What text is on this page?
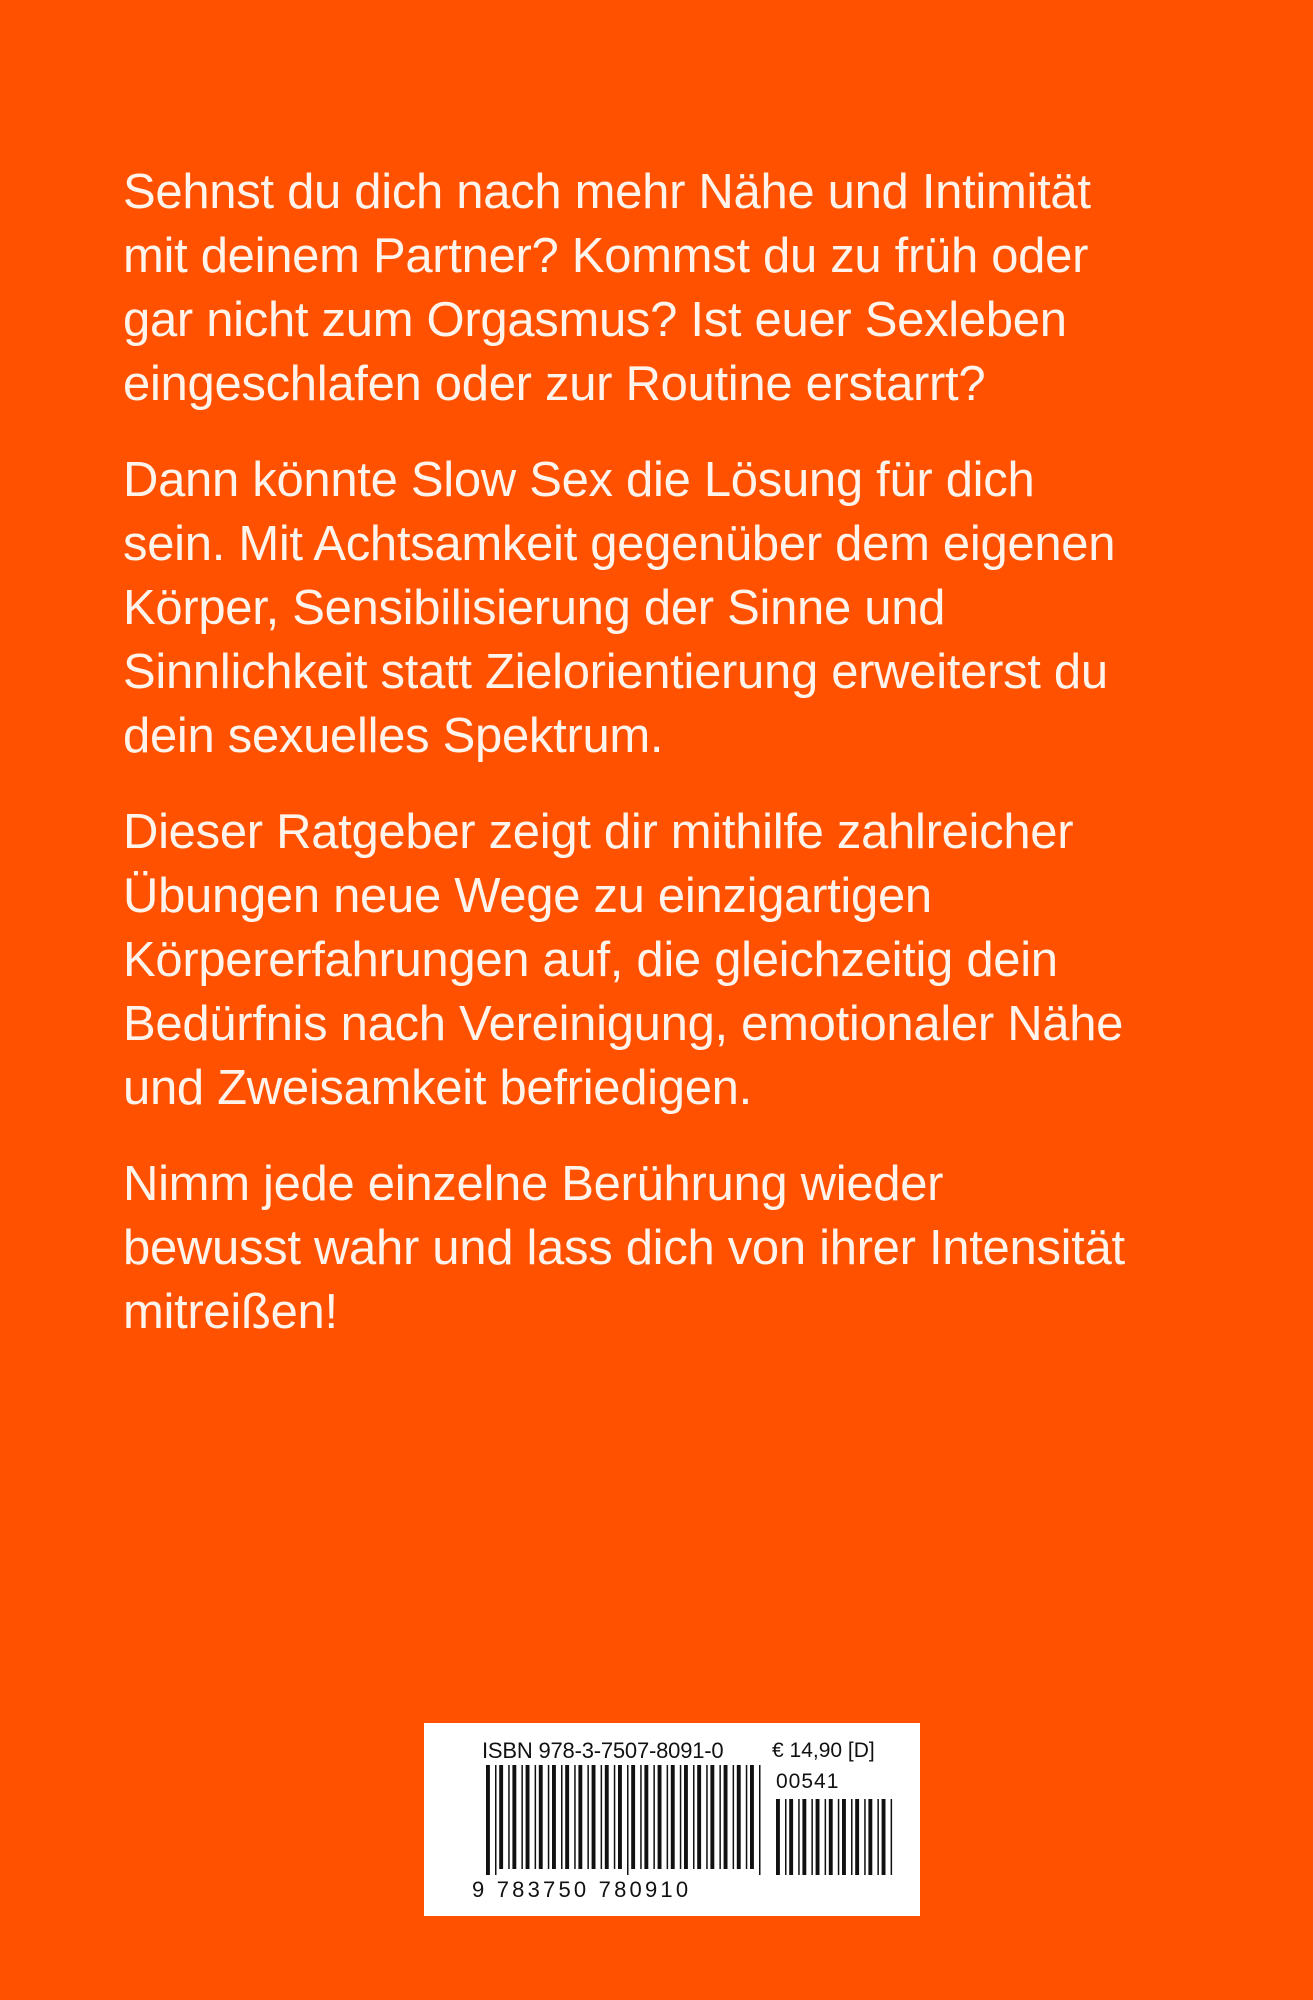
Sehnst du dich nach mehr Nähe und Intimität
mit deinem Partner? Kommst du zu früh oder
gar nicht zum Orgasmus? Ist euer Sexleben
eingeschlafen oder zur Routine erstarrt?

Dann könnte Slow Sex die Lösung für dich
sein. Mit Achtsamkeit gegenüber dem eigenen
Körper, Sensibilisierung der Sinne und
Sinnlichkeit statt Zielorientierung erweiterst du
dein sexuelles Spektrum.

Dieser Ratgeber zeigt dir mithilfe zahlreicher
Übungen neue Wege zu einzigartigen
Körpererfahrungen auf, die gleichzeitig dein
Bedürfnis nach Vereinigung, emotionaler Nähe
und Zweisamkeit befriedigen.

Nimm jede einzelne Berührung wieder
bewusst wahr und lass dich von ihrer Intensität
mitreißen!

ISBN 978-3-7507-8091-0 € 14,90 [D]
00541
9 783750 780910
